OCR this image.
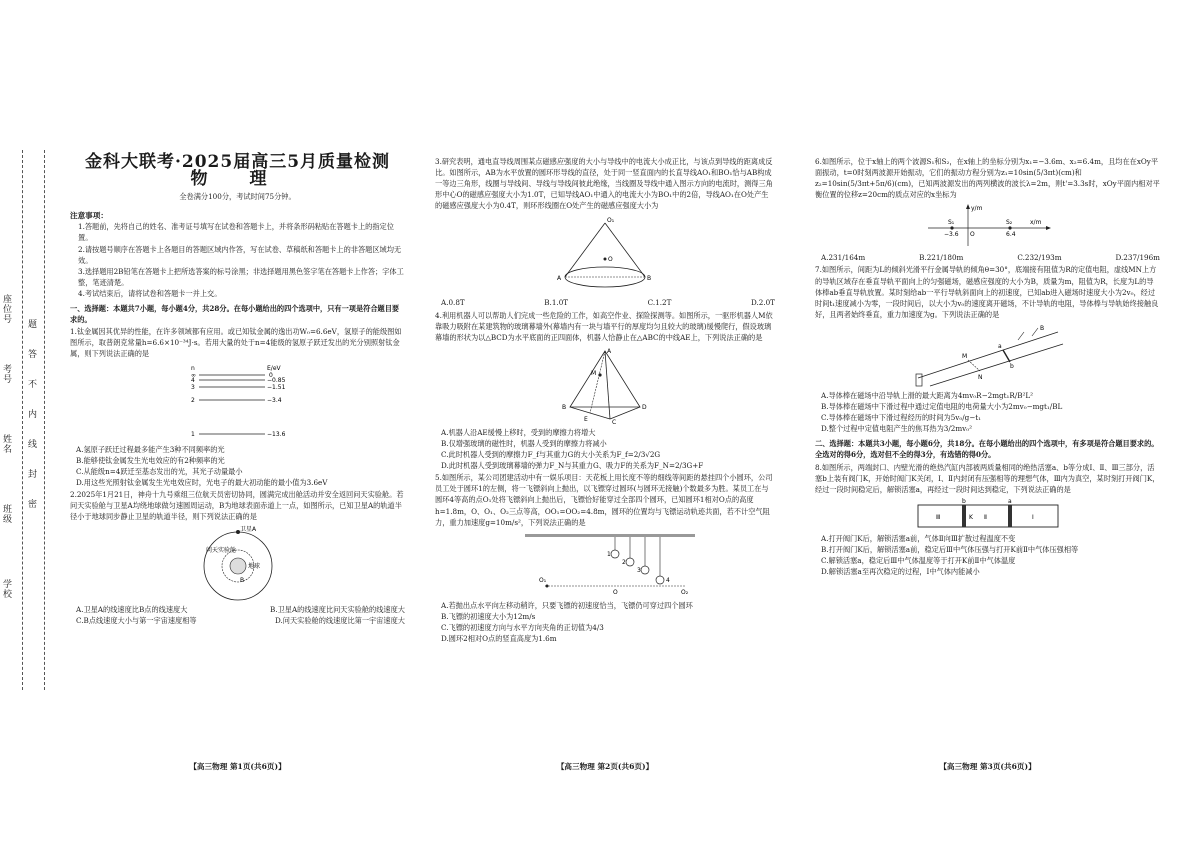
座位号
考号
姓名
班级
学校
题
答
不
内
线
封
密
金科大联考·2025届高三5月质量检测
物 理
全卷满分100分，考试时间75分钟。
注意事项：

1.答题前，先将自己的姓名、准考证号填写在试卷和答题卡上，并将条形码粘贴在答题卡上的指定位置。

2.请按题号顺序在答题卡上各题目的答题区域内作答，写在试卷、草稿纸和答题卡上的非答题区域均无效。

3.选择题用2B铅笔在答题卡上把所选答案的标号涂黑；非选择题用黑色签字笔在答题卡上作答；字体工整，笔迹清楚。

4.考试结束后，请将试卷和答题卡一并上交。

一、选择题：本题共7小题，每小题4分，共28分。在每小题给出的四个选项中，只有一项是符合题目要求的。

1.钛金属因其优异的性能，在许多领域都有应用。或已知钛金属的逸出功W₀=6.6eV，氢原子的能级图如图所示，取普朗克常量h=6.6×10⁻³⁴J·s。若用大量的处于n=4能级的氢原子跃迁发出的光分别照射钛金属，则下列说法正确的是

n	E/eV
∞	0
4	−0.85
3	−1.51
2	−3.4
1	−13.6

A.氢原子跃迁过程最多能产生3种不同频率的光

B.能够使钛金属发生光电效应的有2种频率的光

C.从能级n=4跃迁至基态发出的光，其光子动量最小

D.用这些光照射钛金属发生光电效应时，光电子的最大初动能的最小值为3.6eV

2.2025年1月21日，神舟十九号乘组三位航天员密切协同，圆满完成出舱活动并安全返回问天实验舱。若问天实验舱与卫星A均绕地球做匀速圆周运动，B为地球表面赤道上一点，如图所示，已知卫星A的轨道半径小于地球同步静止卫星的轨道半径，则下列说法正确的是

卫星A
问天实验舱
地球
B
A.卫星A的线速度比B点的线速度大	B.卫星A的线速度比问天实验舱的线速度大
C.B点线速度大小与第一宇宙速度相等	D.问天实验舱的线速度比第一宇宙速度大
【高三物理 第1页(共6页)】

3.研究表明，通电直导线周围某点磁感应强度的大小与导线中的电流大小成正比，与该点到导线的距离成反比。如图所示，AB为水平放置的圆环形导线的直径，处于同一竖直面内的长直导线AO₁和BO₁恰与AB构成一等边三角形，线圈与导线间、导线与导线间彼此绝缘，当线圈及导线中通入图示方向的电流时，测得三角形中心O的磁感应强度大小为1.0T，已知导线AO₁中通入的电流大小为BO₁中的2倍，导线AO₁在O处产生的磁感应强度大小为0.4T，则环形线圈在O处产生的磁感应强度大小为

O₁
A
O
B
A.0.8T	B.1.0T	C.1.2T	D.2.0T

4.利用机器人可以帮助人们完成一些危险的工作，如高空作业、探险探测等。如图所示，一驱形机器人M依靠吸力吸附在某建筑物的玻璃幕墙外(幕墙内有一块与墙平行的厚度均匀且较大的玻璃)缓慢爬行，假设玻璃幕墙的形状为以△BCD为水平底面的正四面体，机器人恰静止在△ABC的中线AE上，下列说法正确的是

A
M
B
E
D
C

A.机器人沿AE缓慢上移时，受到的摩擦力将增大

B.仅增强玻璃的磁性时，机器人受到的摩擦力将减小

C.此时机器人受到的摩擦力F_f与其重力G的大小关系为F_f=2/3√2G

D.此时机器人受到玻璃幕墙的弹力F_N与其重力G、吸力F的关系为F_N=2/3G+F

5.如图所示，某公司团建活动中有一娱乐项目：天花板上用长度不等的细线等间距的悬挂四个小圆环，公司员工处于圆环1的左侧，将一飞镖斜向上抛出，以飞镖穿过圆环(与圆环无接触)个数最多为胜。某员工在与圆环4等高的点O₁处将飞镖斜向上抛出后，飞镖恰好能穿过全部四个圆环，已知圆环1相对O点的高度h=1.8m，O、O₁、O₂三点等高，OO₁=OO₂=4.8m，圆环的位置均与飞镖运动轨迹共面，若不计空气阻力，重力加速度g=10m/s²，下列说法正确的是

O₁
1
2
3
4
O	O₂

A.若抛出点水平向左移动稍许，只要飞镖的初速度恰当，飞镖仍可穿过四个圆环

B.飞镖的初速度大小为12m/s

C.飞镖的初速度方向与水平方向夹角的正切值为4/3

D.圆环2相对O点的竖直高度为1.6m

【高三物理 第2页(共6页)】

6.如图所示，位于x轴上的两个波源S₁和S₂，在x轴上的坐标分别为x₁=−3.6m、x₂=6.4m，且均在在xOy平面振动，t=0时刻两波源开始振动，它们的振动方程分别为z₁=10sin(5/3πt)(cm)和z₂=10sin(5/3πt+5π/6)(cm)，已知两波源发出的两列横波的波长λ=2m，则t'=3.3s时，xOy平面内相对平衡位置的位移z=20cm的质点对应的x坐标为

y/m
S₁
O
S₂	x/m
−3.6	6.4
A.231/164m	B.221/180m	C.232/193m	D.237/196m

7.如图所示，间距为L的倾斜光滑平行金属导轨的倾角θ=30°，底端接有阻值为R的定值电阻，虚线MN上方的导轨区域存在垂直导轨平面向上的匀强磁场，磁感应强度的大小为B，质量为m，阻值为R，长度为L的导体棒ab垂直导轨放置。某时刻给ab一平行导轨斜面向上的初速度，已知ab进入磁场时速度大小为2v₀，经过时间t₁速度减小为零，一段时间后，以大小为v₀的速度离开磁场，不计导轨的电阻，导体棒与导轨始终接触良好，且两者始终垂直，重力加速度为g。下列说法正确的是

M
a
N
b
B

A.导体棒在磁场中沿导轨上滑的最大距离为4mv₀R−2mgt₁R/B²L²

B.导体棒在磁场中下滑过程中通过定值电阻的电荷量大小为2mv₀−mgt₁/BL

C.导体棒在磁场中下滑过程经历的时间为5v₀/g−t₁

D.整个过程中定值电阻产生的焦耳热为3/2mv₀²

二、选择题：本题共3小题，每小题6分，共18分。在每小题给出的四个选项中，有多项是符合题目要求的。全选对的得6分，选对但不全的得3分，有选错的得0分。

8.如图所示，两端封口、内壁光滑的绝热汽缸内部被两质量相同的绝热活塞a、b等分成Ⅰ、Ⅱ、Ⅲ三部分，活塞b上装有阀门K，开始时阀门K关闭，Ⅰ、Ⅱ内封闭有压强相等的理想气体，Ⅲ内为真空，某时刻打开阀门K，经过一段时间稳定后，解锁活塞a，再经过一段时间达到稳定，下列说法正确的是

b	a
Ⅲ	K Ⅱ	Ⅰ

A.打开阀门K后，解锁活塞a前，气体Ⅱ向Ⅲ扩散过程温度不变

B.打开阀门K后，解锁活塞a前，稳定后Ⅲ中气体压强与打开K前Ⅱ中气体压强相等

C.解锁活塞a，稳定后Ⅲ中气体温度等于打开K前Ⅱ中气体温度

D.解锁活塞a至再次稳定的过程，Ⅰ中气体内能减小

【高三物理 第3页(共6页)】
